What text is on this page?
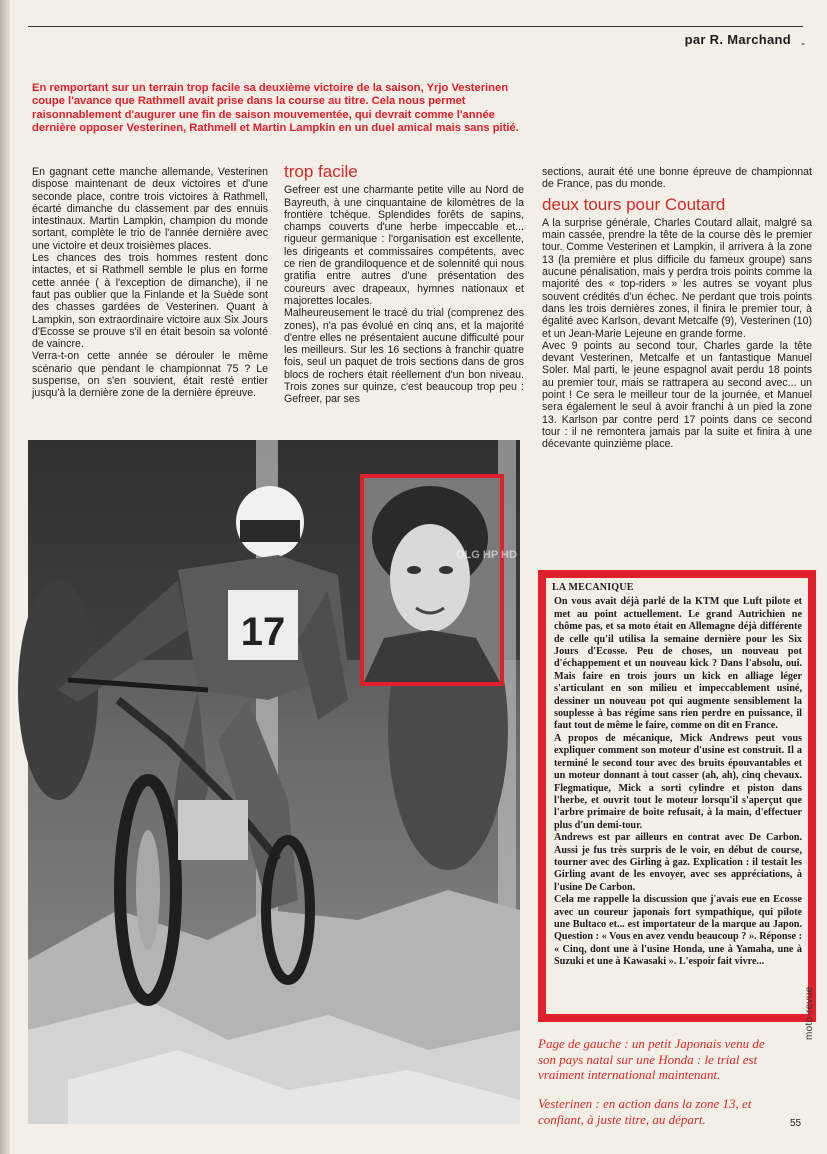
par R. Marchand -
En remportant sur un terrain trop facile sa deuxième victoire de la saison, Yrjo Vesterinen coupe l'avance que Rathmell avait prise dans la course au titre. Cela nous permet raisonnablement d'augurer une fin de saison mouvementée, qui devrait comme l'année dernière opposer Vesterinen, Rathmell et Martin Lampkin en un duel amical mais sans pitié.

En gagnant cette manche allemande, Vesterinen dispose maintenant de deux victoires et d'une seconde place, contre trois victoires à Rathmell, écarté dimanche du classement par des ennuis intestinaux. Martin Lampkin, champion du monde sortant, complète le trio de l'année dernière avec une victoire et deux troisièmes places.

Les chances des trois hommes restent donc intactes, et si Rathmell semble le plus en forme cette année ( à l'exception de dimanche), il ne faut pas oublier que la Finlande et la Suède sont des chasses gardées de Vesterinen. Quant à Lampkin, son extraordinaire victoire aux Six Jours d'Ecosse se prouve s'il en était besoin sa volonté de vaincre.

Verra-t-on cette année se dérouler le même scénario que pendant le championnat 75 ? Le suspense, on s'en souvient, était resté entier jusqu'à la dernière zone de la dernière épreuve.

trop facile

Gefreer est une charmante petite ville au Nord de Bayreuth, à une cinquantaine de kilomètres de la frontière tchèque. Splendides forêts de sapins, champs couverts d'une herbe impeccable et... rigueur germanique : l'organisation est excellente, les dirigeants et commissaires compétents, avec ce rien de grandiloquence et de solennité qui nous gratifia entre autres d'une présentation des coureurs avec drapeaux, hymnes nationaux et majorettes locales.

Malheureusement le tracé du trial (comprenez des zones), n'a pas évolué en cinq ans, et la majorité d'entre elles ne présentaient aucune difficulté pour les meilleurs. Sur les 16 sections à franchir quatre fois, seul un paquet de trois sections dans de gros blocs de rochers était réellement d'un bon niveau. Trois zones sur quinze, c'est beaucoup trop peu : Gefreer, par ses

sections, aurait été une bonne épreuve de championnat de France, pas du monde.

deux tours pour Coutard

A la surprise générale, Charles Coutard allait, malgré sa main cassée, prendre la tête de la course dès le premier tour. Comme Vesterinen et Lampkin, il arrivera à la zone 13 (la première et plus difficile du fameux groupe) sans aucune pénalisation, mais y perdra trois points comme la majorité des « top-riders » les autres se voyant plus souvent crédités d'un échec. Ne perdant que trois points dans les trois dernières zones, il finira le premier tour, à égalité avec Karlson, devant Metcalfe (9), Vesterinen (10) et un Jean-Marie Lejeune en grande forme.

Avec 9 points au second tour, Charles garde la tête devant Vesterinen, Metcalfe et un fantastique Manuel Soler. Mal parti, le jeune espagnol avait perdu 18 points au premier tour, mais se rattrapera au second avec... un point ! Ce sera le meilleur tour de la journée, et Manuel sera également le seul à avoir franchi à un pied la zone 13. Karlson par contre perd 17 points dans ce second tour : il ne remontera jamais par la suite et finira à une décevante quinzième place.

17
OLG HP HD
LA MECANIQUE

On vous avait déjà parlé de la KTM que Luft pilote et met au point actuellement. Le grand Autrichien ne chôme pas, et sa moto était en Allemagne déjà différente de celle qu'il utilisa la semaine dernière pour les Six Jours d'Ecosse. Peu de choses, un nouveau pot d'échappement et un nouveau kick ? Dans l'absolu, oui. Mais faire en trois jours un kick en alliage léger s'articulant en son milieu et impeccablement usiné, dessiner un nouveau pot qui augmente sensiblement la souplesse à bas régime sans rien perdre en puissance, il faut tout de même le faire, comme on dit en France.

A propos de mécanique, Mick Andrews peut vous expliquer comment son moteur d'usine est construit. Il a terminé le second tour avec des bruits épouvantables et un moteur donnant à tout casser (ah, ah), cinq chevaux. Flegmatique, Mick a sorti cylindre et piston dans l'herbe, et ouvrit tout le moteur lorsqu'il s'aperçut que l'arbre primaire de boite refusait, à la main, d'effectuer plus d'un demi-tour.

Andrews est par ailleurs en contrat avec De Carbon. Aussi je fus très surpris de le voir, en début de course, tourner avec des Girling à gaz. Explication : il testait les Girling avant de les envoyer, avec ses appréciations, à l'usine De Carbon.

Cela me rappelle la discussion que j'avais eue en Ecosse avec un coureur japonais fort sympathique, qui pilote une Bultaco et... est importateur de la marque au Japon. Question : « Vous en avez vendu beaucoup ? ». Réponse : « Cinq, dont une à l'usine Honda, une à Yamaha, une à Suzuki et une à Kawasaki ». L'espoir fait vivre...

Page de gauche : un petit Japonais venu de son pays natal sur une Honda : le trial est vraiment international maintenant.
Vesterinen : en action dans la zone 13, et confiant, à juste titre, au départ.
moto-revue
55
